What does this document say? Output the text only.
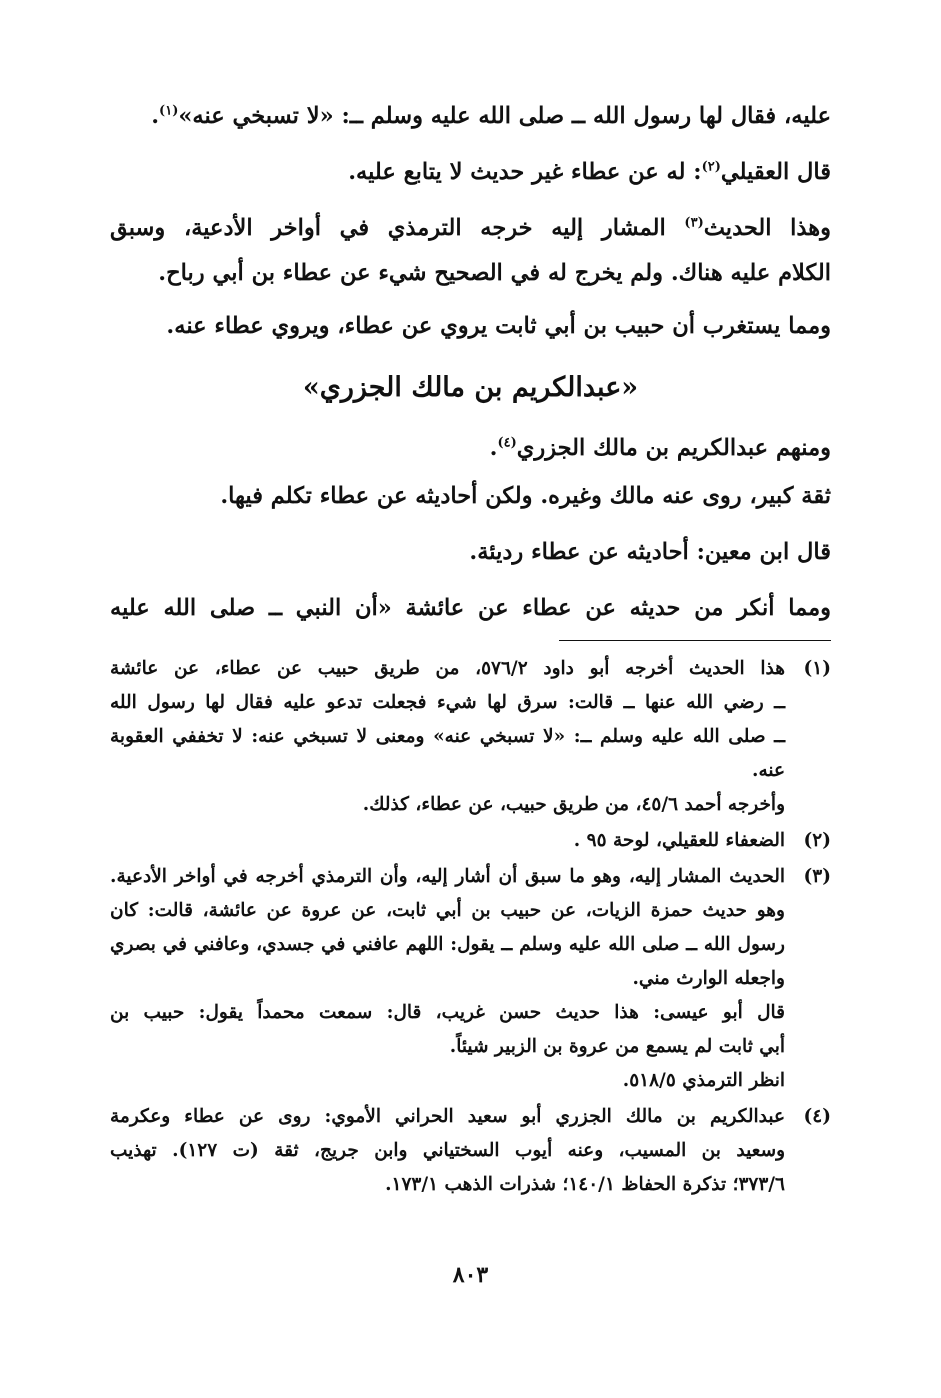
عليه، فقال لها رسول الله ــ صلى الله عليه وسلم ــ: «لا تسبخي عنه»$^{(١)}$.
قال العقيلي$^{(٢)}$: له عن عطاء غير حديث لا يتابع عليه.
وهذا الحديث$^{(٣)}$ المشار إليه خرجه الترمذي في أواخر الأدعية، وسبق
الكلام عليه هناك. ولم يخرج له في الصحيح شيء عن عطاء بن أبي رباح.
ومما يستغرب أن حبيب بن أبي ثابت يروي عن عطاء، ويروي عطاء عنه.
«عبدالكريم بن مالك الجزري»
ومنهم عبدالكريم بن مالك الجزري$^{(٤)}$.
ثقة كبير، روى عنه مالك وغيره. ولكن أحاديثه عن عطاء تكلم فيها.
قال ابن معين: أحاديثه عن عطاء رديئة.
ومما أنكر من حديثه عن عطاء عن عائشة «أن النبي ــ صلى الله عليه
(١)
هذا الحديث أخرجه أبو داود ٥٧٦/٢، من طريق حبيب عن عطاء، عن عائشة
ــ رضي الله عنها ــ قالت: سرق لها شيء فجعلت تدعو عليه فقال لها رسول الله
ــ صلى الله عليه وسلم ــ: «لا تسبخي عنه» ومعنى لا تسبخي عنه: لا تخففي العقوبة
عنه.
وأخرجه أحمد ٤٥/٦، من طريق حبيب، عن عطاء، كذلك.
(٢)
الضعفاء للعقيلي، لوحة ٩٥ .
(٣)
الحديث المشار إليه، وهو ما سبق أن أشار إليه، وأن الترمذي أخرجه في أواخر الأدعية.
وهو حديث حمزة الزيات، عن حبيب بن أبي ثابت، عن عروة عن عائشة، قالت: كان
رسول الله ــ صلى الله عليه وسلم ــ يقول: اللهم عافني في جسدي، وعافني في بصري
واجعله الوارث مني.
قال أبو عيسى: هذا حديث حسن غريب، قال: سمعت محمداً يقول: حبيب بن
أبي ثابت لم يسمع من عروة بن الزبير شيئاً.
انظر الترمذي ٥١٨/٥.
(٤)
عبدالكريم بن مالك الجزري أبو سعيد الحراني الأموي: روى عن عطاء وعكرمة
وسعيد بن المسيب، وعنه أيوب السختياني وابن جريج، ثقة (ت ١٢٧). تهذيب
٣٧٣/٦؛ تذكرة الحفاظ ١٤٠/١؛ شذرات الذهب ١٧٣/١.
٨٠٣
